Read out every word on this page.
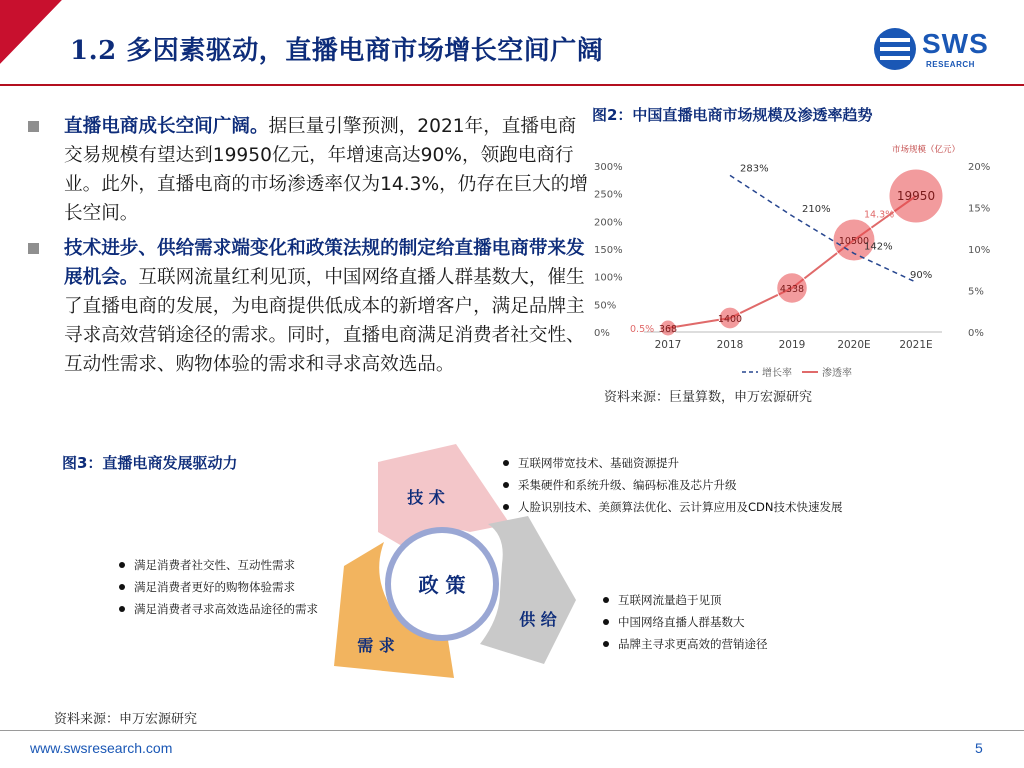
1.2 多因素驱动，直播电商市场增长空间广阔	SWS
RESEARCH
直播电商成长空间广阔。据巨量引擎预测，2021年，直播电商交易规模有望达到19950亿元，年增速高达90%，领跑电商行业。此外，直播电商的市场渗透率仅为14.3%，仍存在巨大的增长空间。
技术进步、供给需求端变化和政策法规的制定给直播电商带来发展机会。互联网流量红利见顶，中国网络直播人群基数大，催生了直播电商的发展，为电商提供低成本的新增客户，满足品牌主寻求高效营销途径的需求。同时，直播电商满足消费者社交性、互动性需求、购物体验的需求和寻求高效选品。
图2：中国直播电商市场规模及渗透率趋势
300%
250%
200%
150%
100%
50%
0%
20%
15%
10%
5%
0%
2017	2018	2019	2020E	2021E
368
1400
4338
10500
19950
283%
210%
142%
90%
0.5%
14.3%
市场规模（亿元）
增长率	渗透率
资料来源：巨量算数，申万宏源研究
图3：直播电商发展驱动力
政 策
技 术
供 给
需 求
互联网带宽技术、基础资源提升
采集硬件和系统升级、编码标准及芯片升级
人脸识别技术、美颜算法优化、云计算应用及CDN技术快速发展
满足消费者社交性、互动性需求
满足消费者更好的购物体验需求
满足消费者寻求高效选品途径的需求
互联网流量趋于见顶
中国网络直播人群基数大
品牌主寻求更高效的营销途径
资料来源：申万宏源研究
www.swsresearch.com	5
